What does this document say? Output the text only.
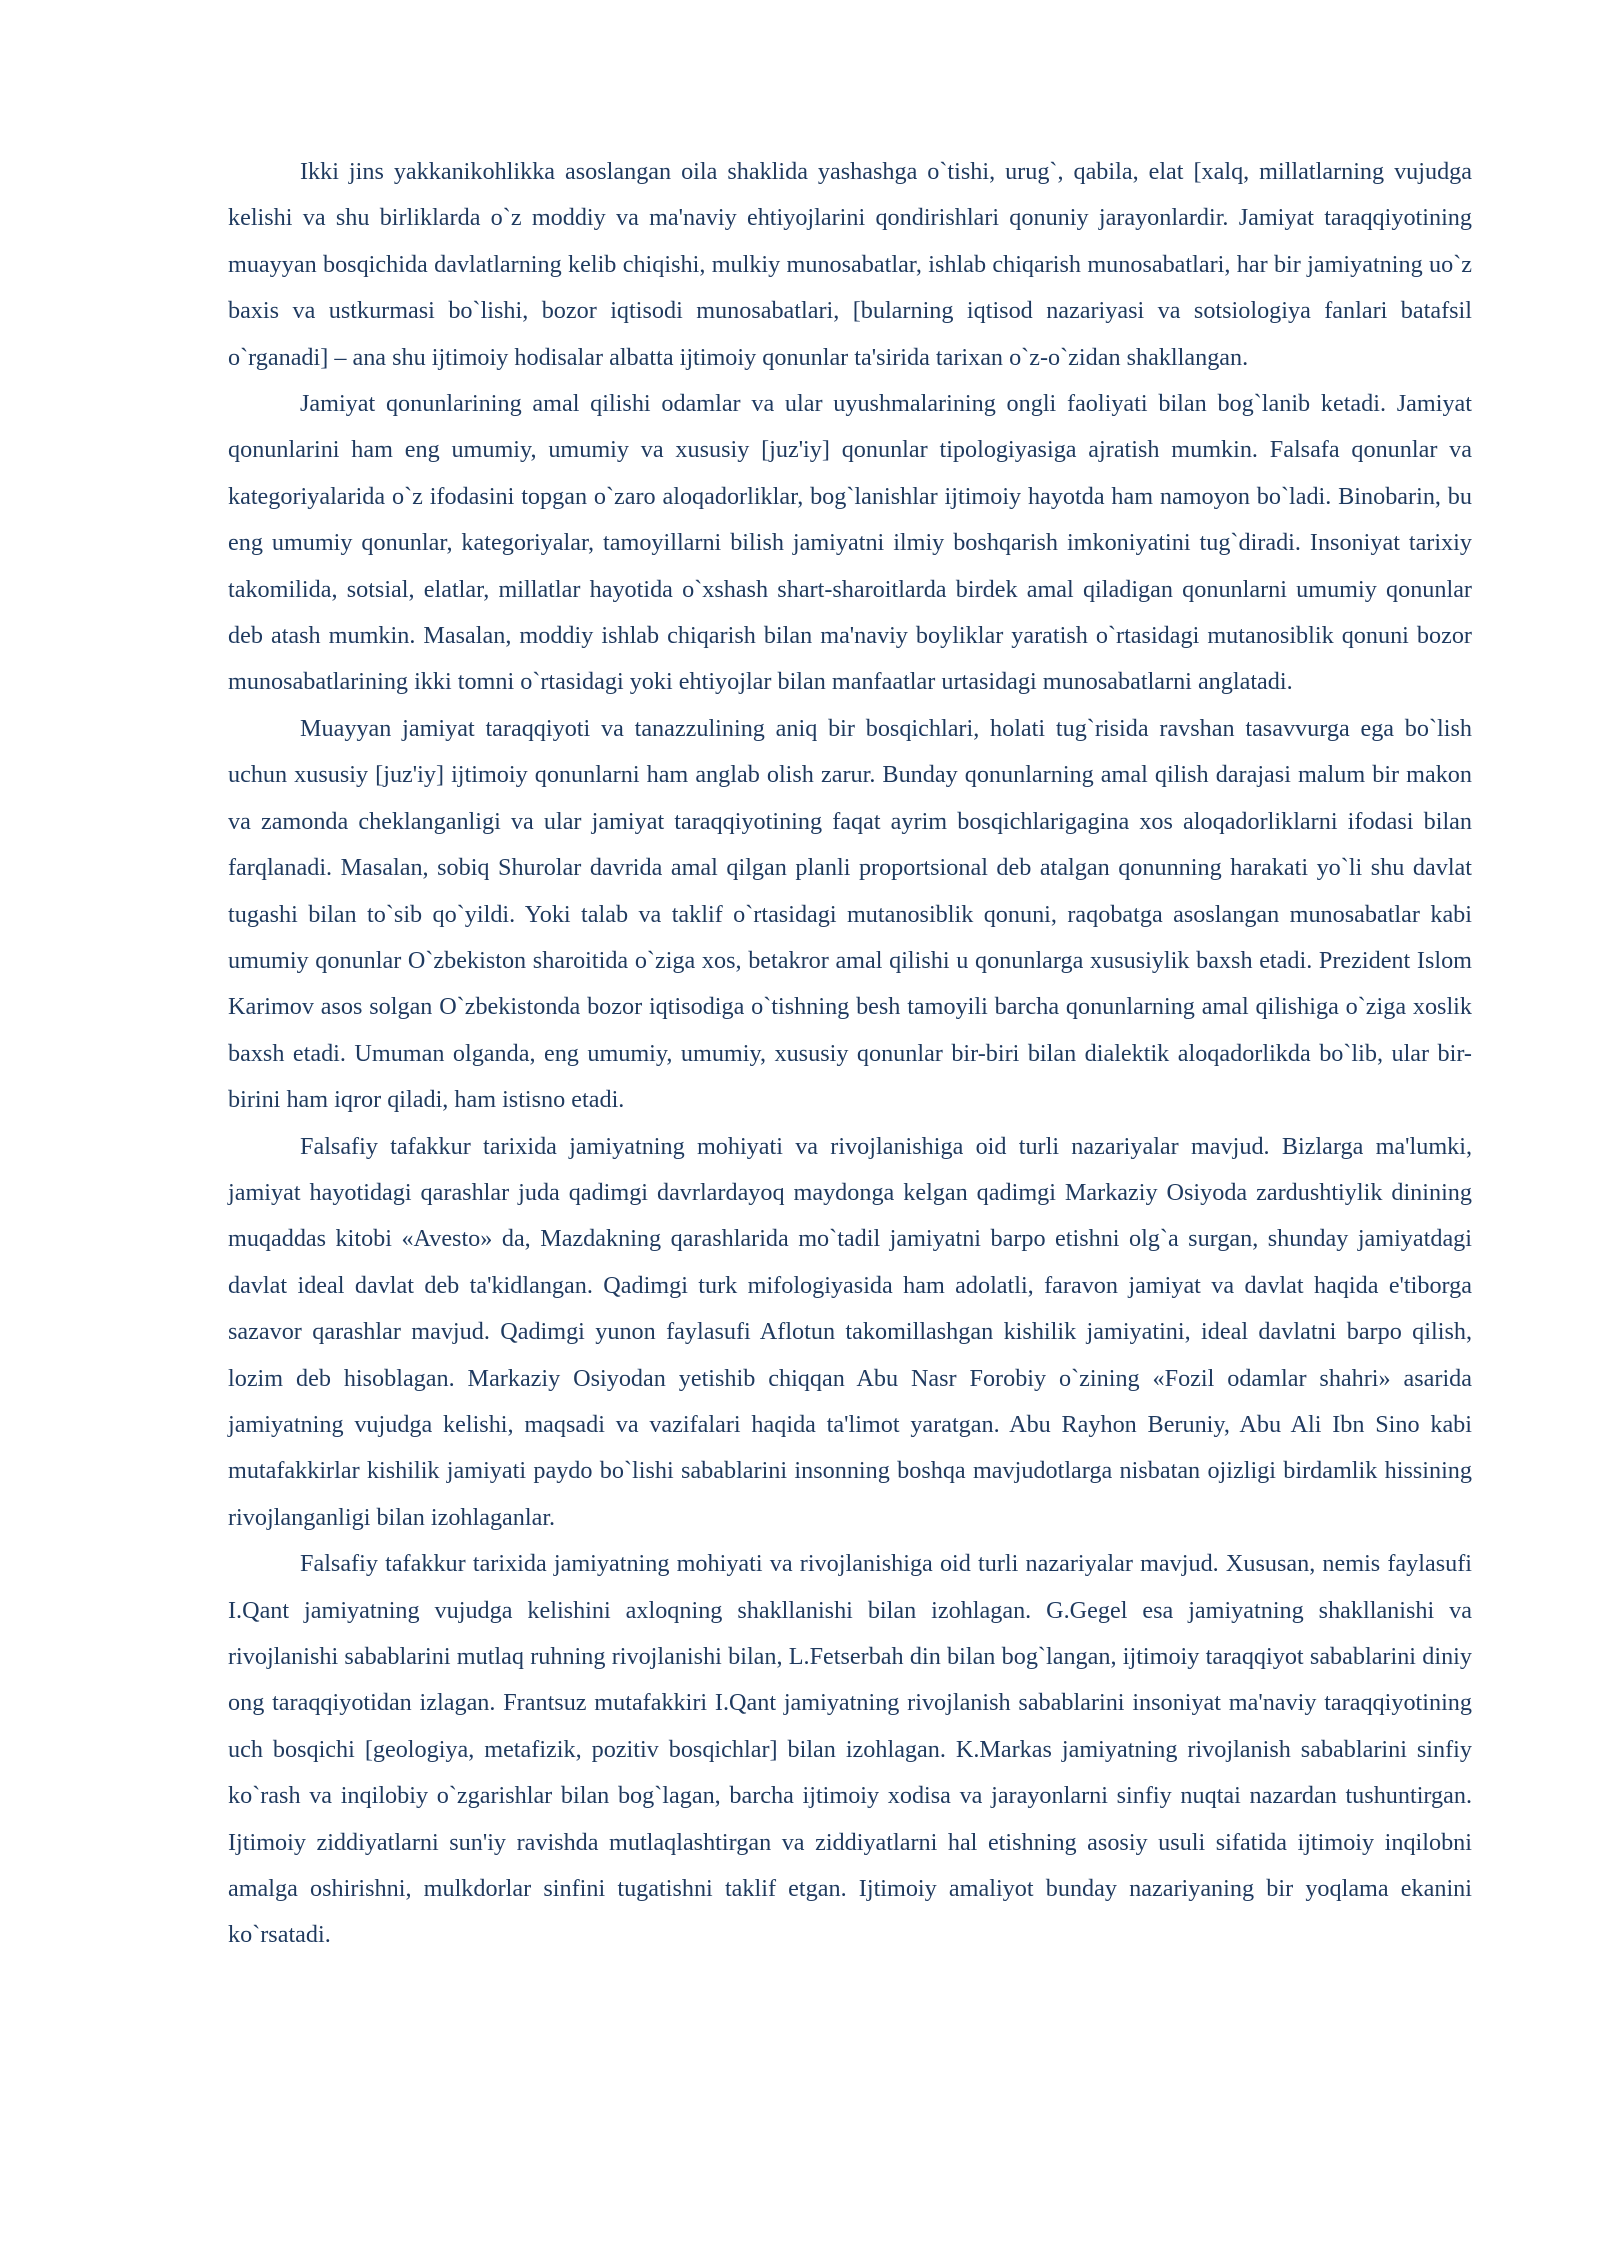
Ikki jins yakkanikohlikka asoslangan oila shaklida yashashga o`tishi, urug`, qabila, elat [xalq, millatlarning vujudga kelishi va shu birliklarda o`z moddiy va ma'naviy ehtiyojlarini qondirishlari qonuniy jarayonlardir. Jamiyat taraqqiyotining muayyan bosqichida davlatlarning kelib chiqishi, mulkiy munosabatlar, ishlab chiqarish munosabatlari, har bir jamiyatning uo`z baxis va ustkurmasi bo`lishi, bozor iqtisodi munosabatlari, [bularning iqtisod nazariyasi va sotsiologiya fanlari batafsil o`rganadi] – ana shu ijtimoiy hodisalar albatta ijtimoiy qonunlar ta'sirida tarixan o`z-o`zidan shakllangan.

Jamiyat qonunlarining amal qilishi odamlar va ular uyushmalarining ongli faoliyati bilan bog`lanib ketadi. Jamiyat qonunlarini ham eng umumiy, umumiy va xususiy [juz'iy] qonunlar tipologiyasiga ajratish mumkin. Falsafa qonunlar va kategoriyalarida o`z ifodasini topgan o`zaro aloqadorliklar, bog`lanishlar ijtimoiy hayotda ham namoyon bo`ladi. Binobarin, bu eng umumiy qonunlar, kategoriyalar, tamoyillarni bilish jamiyatni ilmiy boshqarish imkoniyatini tug`diradi. Insoniyat tarixiy takomilida, sotsial, elatlar, millatlar hayotida o`xshash shart-sharoitlarda birdek amal qiladigan qonunlarni umumiy qonunlar deb atash mumkin. Masalan, moddiy ishlab chiqarish bilan ma'naviy boyliklar yaratish o`rtasidagi mutanosiblik qonuni bozor munosabatlarining ikki tomni o`rtasidagi yoki ehtiyojlar bilan manfaatlar urtasidagi munosabatlarni anglatadi.

Muayyan jamiyat taraqqiyoti va tanazzulining aniq bir bosqichlari, holati tug`risida ravshan tasavvurga ega bo`lish uchun xususiy [juz'iy] ijtimoiy qonunlarni ham anglab olish zarur. Bunday qonunlarning amal qilish darajasi malum bir makon va zamonda cheklanganligi va ular jamiyat taraqqiyotining faqat ayrim bosqichlarigagina xos aloqadorliklarni ifodasi bilan farqlanadi. Masalan, sobiq Shurolar davrida amal qilgan planli proportsional deb atalgan qonunning harakati yo`li shu davlat tugashi bilan to`sib qo`yildi. Yoki talab va taklif o`rtasidagi mutanosiblik qonuni, raqobatga asoslangan munosabatlar kabi umumiy qonunlar O`zbekiston sharoitida o`ziga xos, betakror amal qilishi u qonunlarga xususiylik baxsh etadi. Prezident Islom Karimov asos solgan O`zbekistonda bozor iqtisodiga o`tishning besh tamoyili barcha qonunlarning amal qilishiga o`ziga xoslik baxsh etadi. Umuman olganda, eng umumiy, umumiy, xususiy qonunlar bir-biri bilan dialektik aloqadorlikda bo`lib, ular bir-birini ham iqror qiladi, ham istisno etadi.

Falsafiy tafakkur tarixida jamiyatning mohiyati va rivojlanishiga oid turli nazariyalar mavjud. Bizlarga ma'lumki, jamiyat hayotidagi qarashlar juda qadimgi davrlardayoq maydonga kelgan qadimgi Markaziy Osiyoda zardushtiylik dinining muqaddas kitobi «Avesto» da, Mazdakning qarashlarida mo`tadil jamiyatni barpo etishni olg`a surgan, shunday jamiyatdagi davlat ideal davlat deb ta'kidlangan. Qadimgi turk mifologiyasida ham adolatli, faravon jamiyat va davlat haqida e'tiborga sazavor qarashlar mavjud. Qadimgi yunon faylasufi Aflotun takomillashgan kishilik jamiyatini, ideal davlatni barpo qilish, lozim deb hisoblagan. Markaziy Osiyodan yetishib chiqqan Abu Nasr Forobiy o`zining «Fozil odamlar shahri» asarida jamiyatning vujudga kelishi, maqsadi va vazifalari haqida ta'limot yaratgan. Abu Rayhon Beruniy, Abu Ali Ibn Sino kabi mutafakkirlar kishilik jamiyati paydo bo`lishi sabablarini insonning boshqa mavjudotlarga nisbatan ojizligi birdamlik hissining rivojlanganligi bilan izohlaganlar.

Falsafiy tafakkur tarixida jamiyatning mohiyati va rivojlanishiga oid turli nazariyalar mavjud. Xususan, nemis faylasufi I.Qant jamiyatning vujudga kelishini axloqning shakllanishi bilan izohlagan. G.Gegel esa jamiyatning shakllanishi va rivojlanishi sabablarini mutlaq ruhning rivojlanishi bilan, L.Fetserbah din bilan bog`langan, ijtimoiy taraqqiyot sabablarini diniy ong taraqqiyotidan izlagan. Frantsuz mutafakkiri I.Qant jamiyatning rivojlanish sabablarini insoniyat ma'naviy taraqqiyotining uch bosqichi [geologiya, metafizik, pozitiv bosqichlar] bilan izohlagan. K.Markas jamiyatning rivojlanish sabablarini sinfiy ko`rash va inqilobiy o`zgarishlar bilan bog`lagan, barcha ijtimoiy xodisa va jarayonlarni sinfiy nuqtai nazardan tushuntirgan. Ijtimoiy ziddiyatlarni sun'iy ravishda mutlaqlashtirgan va ziddiyatlarni hal etishning asosiy usuli sifatida ijtimoiy inqilobni amalga oshirishni, mulkdorlar sinfini tugatishni taklif etgan. Ijtimoiy amaliyot bunday nazariyaning bir yoqlama ekanini ko`rsatadi.
